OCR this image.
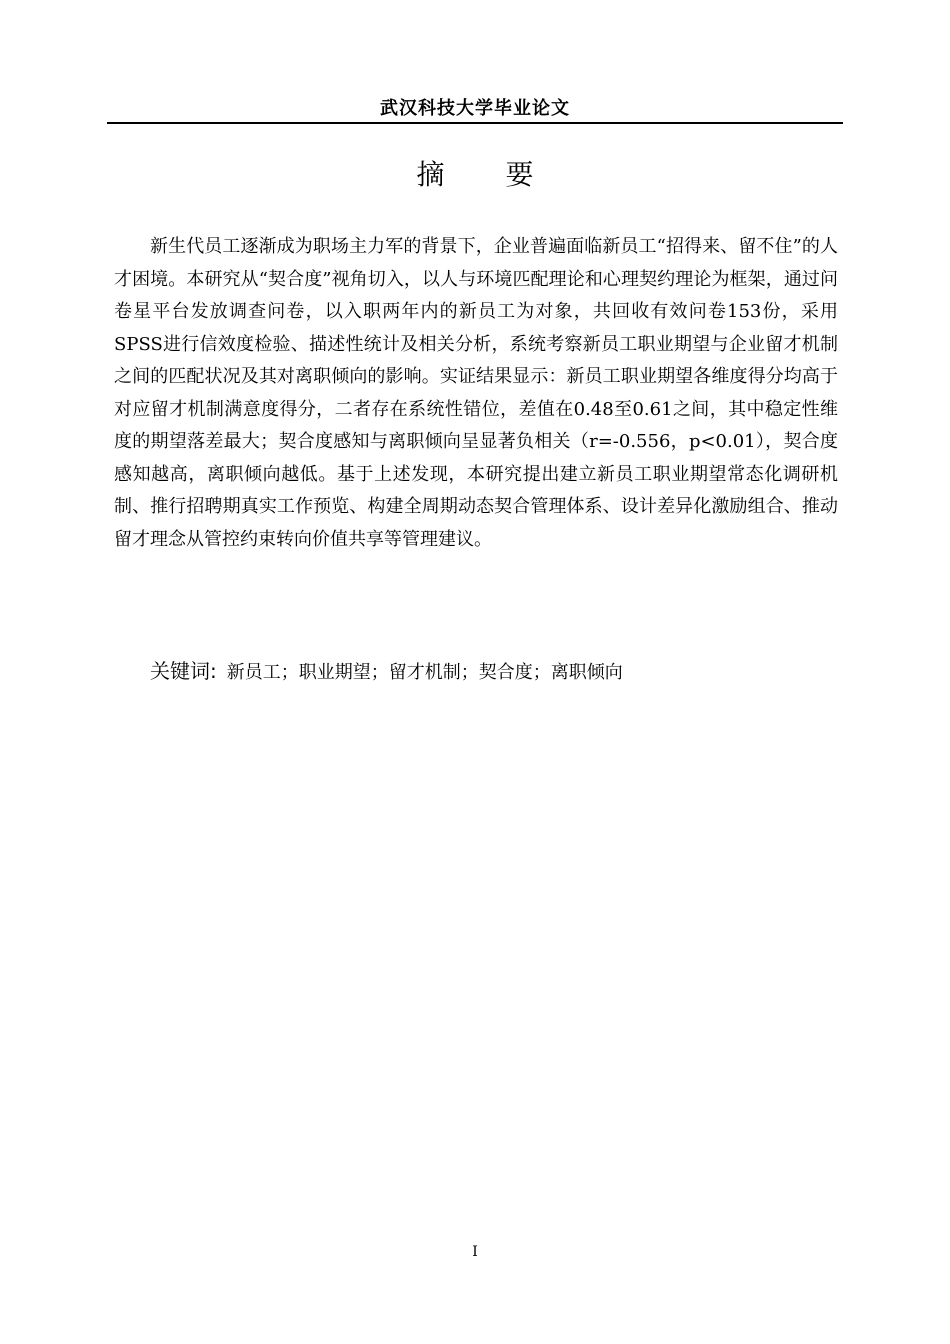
武汉科技大学毕业论文
摘 要

新生代员工逐渐成为职场主力军的背景下，企业普遍面临新员工“招得来、留不住”的人才困境。本研究从“契合度”视角切入，以人与环境匹配理论和心理契约理论为框架，通过问卷星平台发放调查问卷，以入职两年内的新员工为对象，共回收有效问卷153份，采用SPSS进行信效度检验、描述性统计及相关分析，系统考察新员工职业期望与企业留才机制之间的匹配状况及其对离职倾向的影响。实证结果显示：新员工职业期望各维度得分均高于对应留才机制满意度得分，二者存在系统性错位，差值在0.48至0.61之间，其中稳定性维度的期望落差最大；契合度感知与离职倾向呈显著负相关（r=-0.556，p<0.01），契合度感知越高，离职倾向越低。基于上述发现，本研究提出建立新员工职业期望常态化调研机制、推行招聘期真实工作预览、构建全周期动态契合管理体系、设计差异化激励组合、推动留才理念从管控约束转向价值共享等管理建议。

关键词: 新员工；职业期望；留才机制；契合度；离职倾向
I
